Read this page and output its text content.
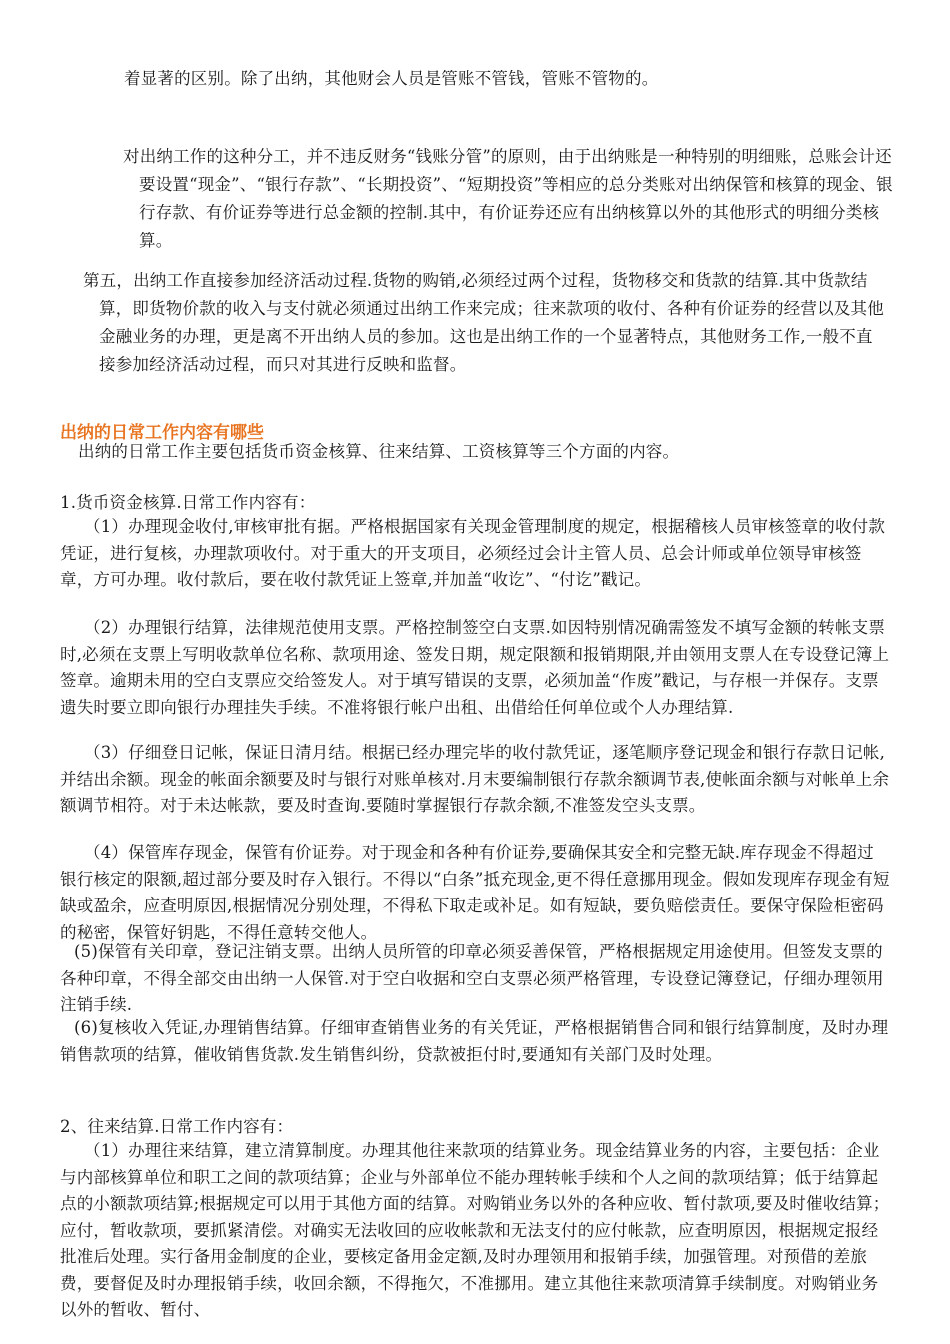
着显著的区别。除了出纳，其他财会人员是管账不管钱，管账不管物的。

对出纳工作的这种分工，并不违反财务“钱账分管”的原则，由于出纳账是一种特别的明细账，总账会计还要设置“现金”、“银行存款”、“长期投资”、“短期投资”等相应的总分类账对出纳保管和核算的现金、银行存款、有价证券等进行总金额的控制.其中，有价证券还应有出纳核算以外的其他形式的明细分类核算。

第五，出纳工作直接参加经济活动过程.货物的购销,必须经过两个过程，货物移交和货款的结算.其中货款结算，即货物价款的收入与支付就必须通过出纳工作来完成；往来款项的收付、各种有价证券的经营以及其他金融业务的办理，更是离不开出纳人员的参加。这也是出纳工作的一个显著特点，其他财务工作,一般不直接参加经济活动过程，而只对其进行反映和监督。

出纳的日常工作内容有哪些

出纳的日常工作主要包括货币资金核算、往来结算、工资核算等三个方面的内容。

1.货币资金核算.日常工作内容有：

（1）办理现金收付,审核审批有据。严格根据国家有关现金管理制度的规定，根据稽核人员审核签章的收付款凭证，进行复核，办理款项收付。对于重大的开支项目，必须经过会计主管人员、总会计师或单位领导审核签章，方可办理。收付款后，要在收付款凭证上签章,并加盖“收讫”、“付讫”戳记。

（2）办理银行结算，法律规范使用支票。严格控制签空白支票.如因特别情况确需签发不填写金额的转帐支票时,必须在支票上写明收款单位名称、款项用途、签发日期，规定限额和报销期限,并由领用支票人在专设登记簿上签章。逾期未用的空白支票应交给签发人。对于填写错误的支票，必须加盖“作废”戳记，与存根一并保存。支票遗失时要立即向银行办理挂失手续。不准将银行帐户出租、出借给任何单位或个人办理结算.

（3）仔细登日记帐，保证日清月结。根据已经办理完毕的收付款凭证，逐笔顺序登记现金和银行存款日记帐,并结出余额。现金的帐面余额要及时与银行对账单核对.月末要编制银行存款余额调节表,使帐面余额与对帐单上余额调节相符。对于未达帐款，要及时查询.要随时掌握银行存款余额,不准签发空头支票。

（4）保管库存现金，保管有价证券。对于现金和各种有价证券,要确保其安全和完整无缺.库存现金不得超过银行核定的限额,超过部分要及时存入银行。不得以“白条”抵充现金,更不得任意挪用现金。假如发现库存现金有短缺或盈余，应查明原因,根据情况分别处理，不得私下取走或补足。如有短缺，要负赔偿责任。要保守保险柜密码的秘密，保管好钥匙，不得任意转交他人。

(5)保管有关印章，登记注销支票。出纳人员所管的印章必须妥善保管，严格根据规定用途使用。但签发支票的各种印章，不得全部交由出纳一人保管.对于空白收据和空白支票必须严格管理，专设登记簿登记，仔细办理领用注销手续.

(6)复核收入凭证,办理销售结算。仔细审查销售业务的有关凭证，严格根据销售合同和银行结算制度，及时办理销售款项的结算，催收销售货款.发生销售纠纷，贷款被拒付时,要通知有关部门及时处理。

2、往来结算.日常工作内容有：

（1）办理往来结算，建立清算制度。办理其他往来款项的结算业务。现金结算业务的内容，主要包括：企业与内部核算单位和职工之间的款项结算；企业与外部单位不能办理转帐手续和个人之间的款项结算；低于结算起点的小额款项结算;根据规定可以用于其他方面的结算。对购销业务以外的各种应收、暂付款项,要及时催收结算；应付，暂收款项，要抓紧清偿。对确实无法收回的应收帐款和无法支付的应付帐款，应查明原因，根据规定报经批准后处理。实行备用金制度的企业，要核定备用金定额,及时办理领用和报销手续，加强管理。对预借的差旅费，要督促及时办理报销手续，收回余额，不得拖欠，不准挪用。建立其他往来款项清算手续制度。对购销业务以外的暂收、暂付、
